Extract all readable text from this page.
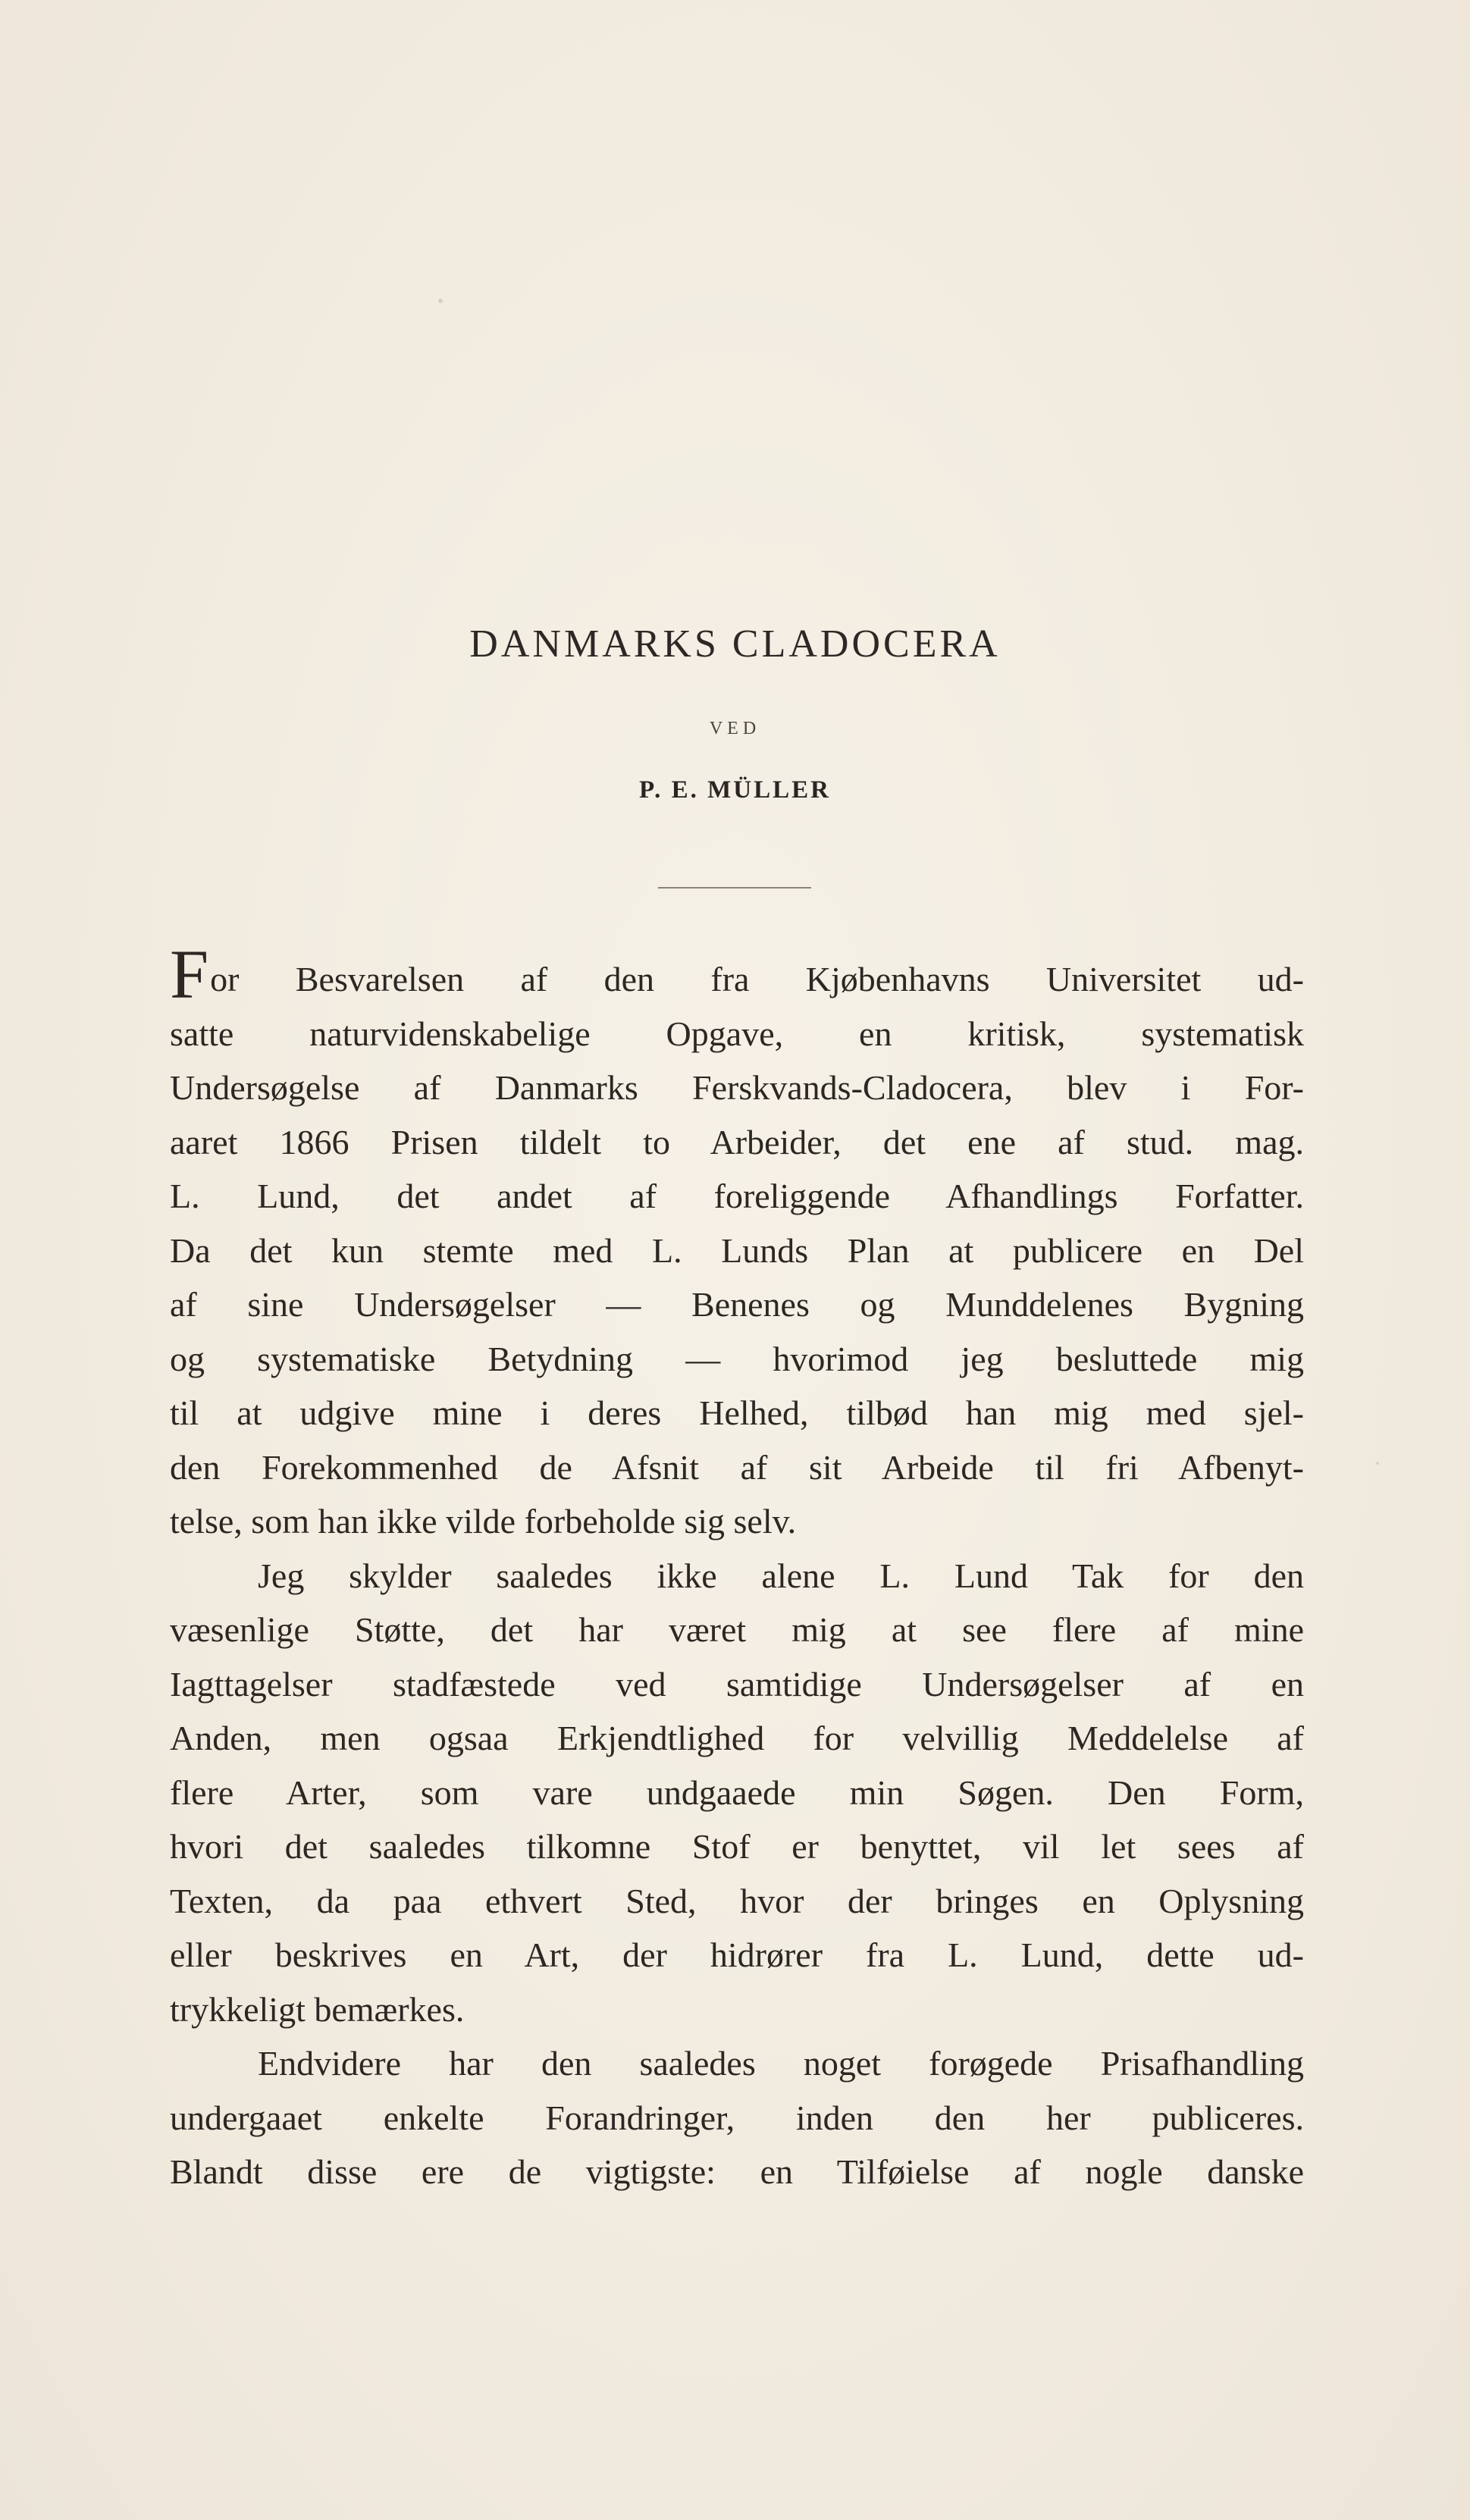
DANMARKS CLADOCERA
VED
P. E. MÜLLER
For Besvarelsen af den fra Kjøbenhavns Universitet ud-
satte naturvidenskabelige Opgave, en kritisk, systematisk
Undersøgelse af Danmarks Ferskvands-Cladocera, blev i For-
aaret 1866 Prisen tildelt to Arbeider, det ene af stud. mag.
L. Lund, det andet af foreliggende Afhandlings Forfatter.
Da det kun stemte med L. Lunds Plan at publicere en Del
af sine Undersøgelser — Benenes og Munddelenes Bygning
og systematiske Betydning — hvorimod jeg besluttede mig
til at udgive mine i deres Helhed, tilbød han mig med sjel-
den Forekommenhed de Afsnit af sit Arbeide til fri Afbenyt-
telse, som han ikke vilde forbeholde sig selv.
Jeg skylder saaledes ikke alene L. Lund Tak for den
væsenlige Støtte, det har været mig at see flere af mine
Iagttagelser stadfæstede ved samtidige Undersøgelser af en
Anden, men ogsaa Erkjendtlighed for velvillig Meddelelse af
flere Arter, som vare undgaaede min Søgen. Den Form,
hvori det saaledes tilkomne Stof er benyttet, vil let sees af
Texten, da paa ethvert Sted, hvor der bringes en Oplysning
eller beskrives en Art, der hidrører fra L. Lund, dette ud-
trykkeligt bemærkes.
Endvidere har den saaledes noget forøgede Prisafhandling
undergaaet enkelte Forandringer, inden den her publiceres.
Blandt disse ere de vigtigste: en Tilføielse af nogle danske
